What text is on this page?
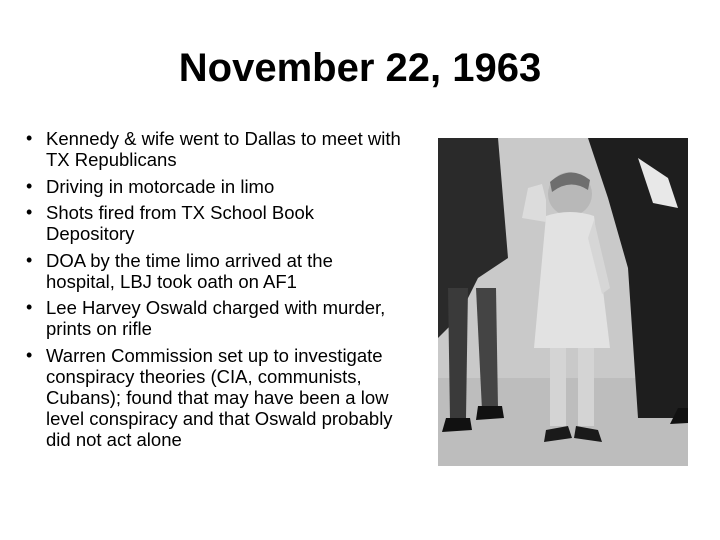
November 22, 1963
• Kennedy & wife went to Dallas to meet with TX Republicans
• Driving in motorcade in limo
• Shots fired from TX School Book Depository
• DOA by the time limo arrived at the hospital, LBJ took oath on AF1
• Lee Harvey Oswald charged with murder, prints on rifle
• Warren Commission set up to investigate conspiracy theories (CIA, communists, Cubans); found that may have been a low level conspiracy and that Oswald probably did not act alone
